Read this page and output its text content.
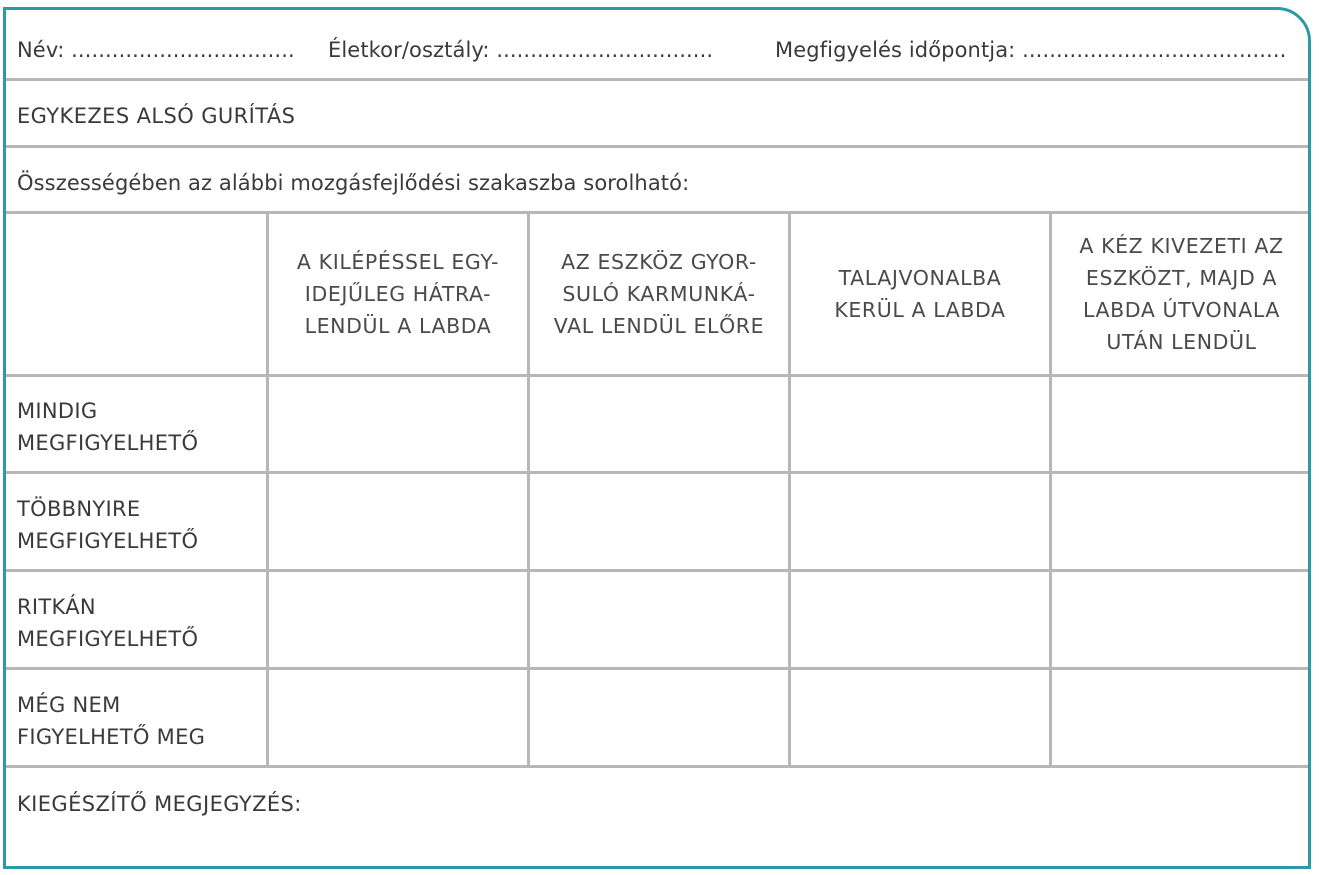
Név: ................................. Életkor/osztály: ................................	Megfigyelés időpontja: .......................................
EGYKEZES ALSÓ GURÍTÁS
Összességében az alábbi mozgásfejlődési szakaszba sorolható:
A KILÉPÉSSEL EGY-
IDEJŰLEG HÁTRA-
LENDÜL A LABDA
AZ ESZKÖZ GYOR-
SULÓ KARMUNKÁ-
VAL LENDÜL ELŐRE
TALAJVONALBA
KERÜL A LABDA
A KÉZ KIVEZETI AZ
ESZKÖZT, MAJD A
LABDA ÚTVONALA
UTÁN LENDÜL
MINDIG
MEGFIGYELHETŐ
TÖBBNYIRE
MEGFIGYELHETŐ
RITKÁN
MEGFIGYELHETŐ
MÉG NEM
FIGYELHETŐ MEG
KIEGÉSZÍTŐ MEGJEGYZÉS:
